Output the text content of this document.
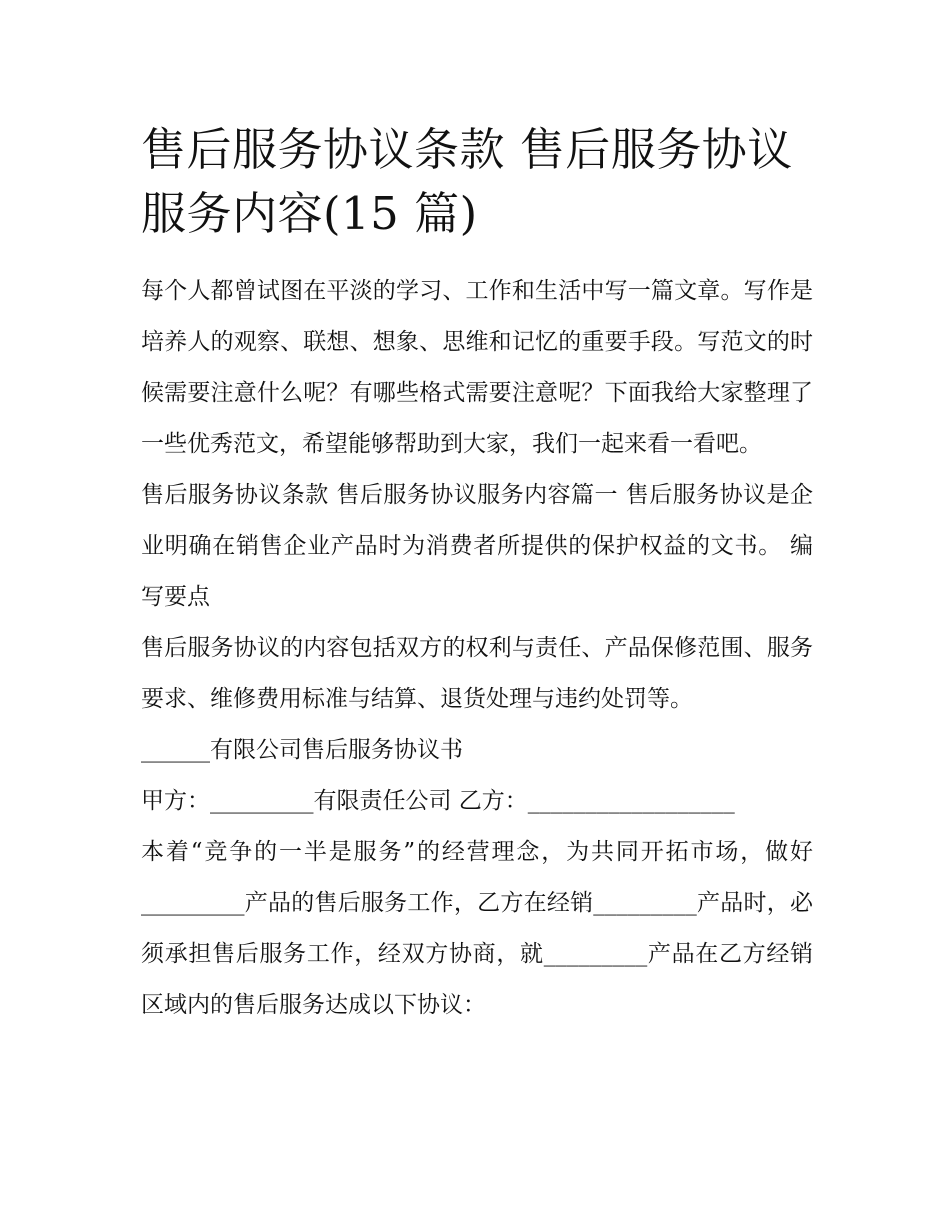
售后服务协议条款 售后服务协议服务内容(15 篇)

每个人都曾试图在平淡的学习、工作和生活中写一篇文章。写作是培养人的观察、联想、想象、思维和记忆的重要手段。写范文的时候需要注意什么呢？有哪些格式需要注意呢？下面我给大家整理了一些优秀范文，希望能够帮助到大家，我们一起来看一看吧。

售后服务协议条款 售后服务协议服务内容篇一 售后服务协议是企业明确在销售企业产品时为消费者所提供的保护权益的文书。 编写要点

售后服务协议的内容包括双方的权利与责任、产品保修范围、服务要求、维修费用标准与结算、退货处理与违约处罚等。

______有限公司售后服务协议书

甲方：_________有限责任公司 乙方：__________________

本着“竞争的一半是服务”的经营理念，为共同开拓市场，做好_________产品的售后服务工作，乙方在经销_________产品时，必须承担售后服务工作，经双方协商，就_________产品在乙方经销区域内的售后服务达成以下协议：
